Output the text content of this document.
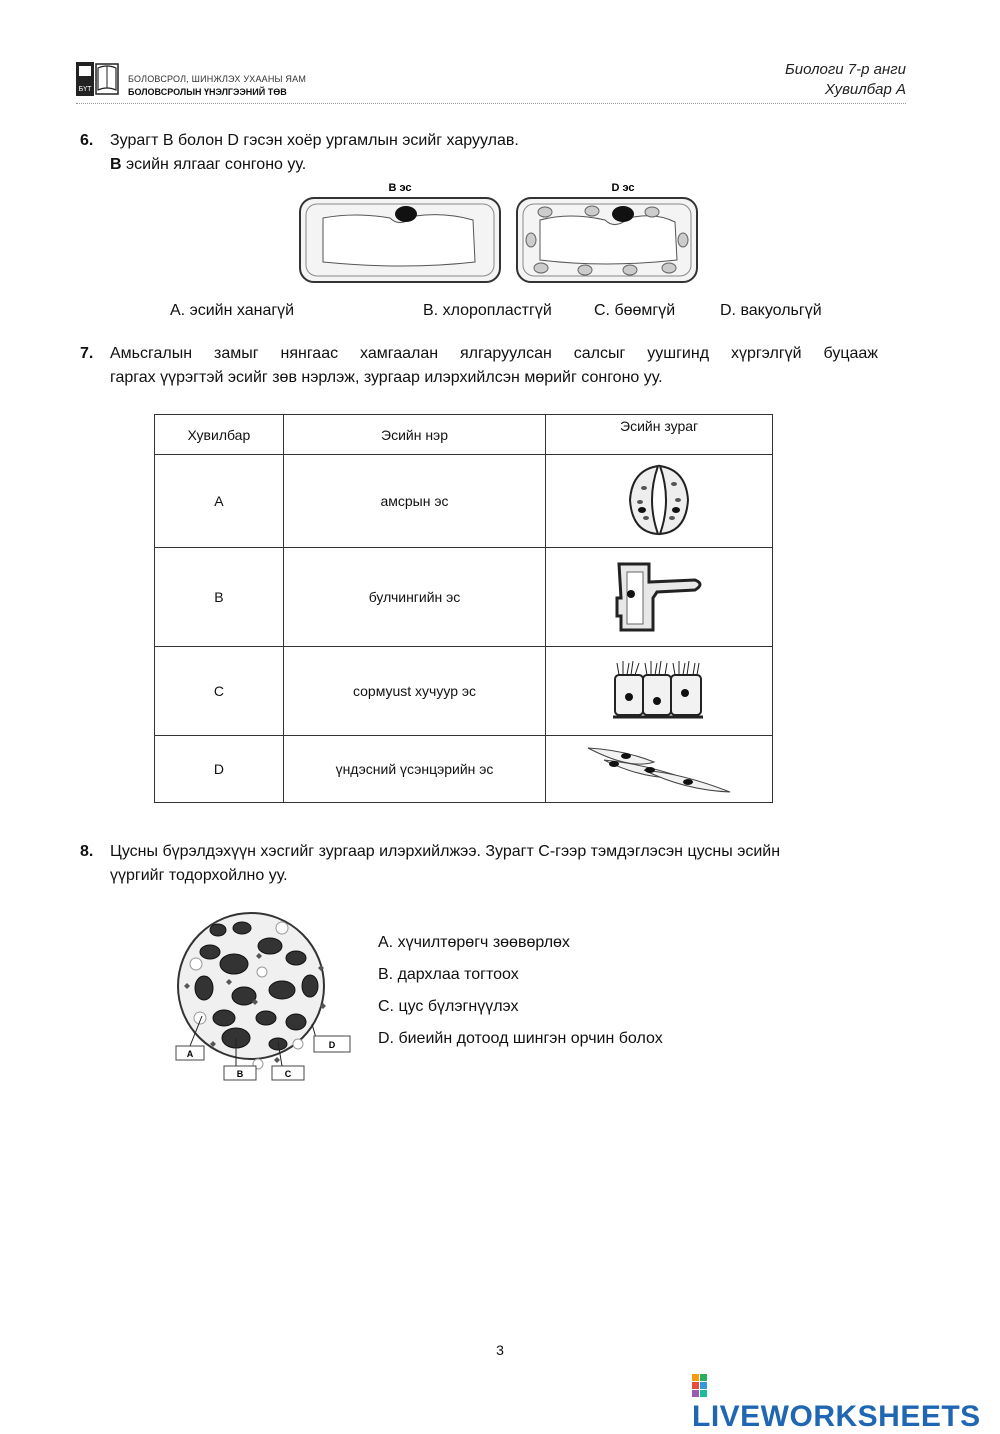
БҮТ
БОЛОВСРОЛ, ШИНЖЛЭХ УХААНЫ ЯАМ
БОЛОВСРОЛЫН ҮНЭЛГЭЭНИЙ ТӨВ
Биологи 7-р анги
Хувилбар А
6. Зурагт B болон D гэсэн хоёр ургамлын эсийг харуулав.
B эсийн ялгааг сонгоно уу.
B эс	D эс
A. эсийн ханагүй	B. хлоропластгүй	C. бөөмгүй	D. вакуольгүй
7. Амьсгалын замыг нянгаас хамгаалан ялгаруулсан салсыг уушгинд хүргэлгүй буцааж
гаргах үүрэгтэй эсийг зөв нэрлэж, зургаар илэрхийлсэн мөрийг сонгоно уу.
Хувилбар	Эсийн нэр	Эсийн зураг
A	амсрын эс	
B	булчингийн эс	
C	сормуust хучуур эс	
D	үндэсний үсэнцэрийн эс	
8. Цусны бүрэлдэхүүн хэсгийг зургаар илэрхийлжээ. Зурагт C-гээр тэмдэглэсэн цусны эсийн
үүргийг тодорхойлно уу.
A
B	C
D
A. хүчилтөрөгч зөөвөрлөх
B. дархлаа тогтоох
C. цус бүлэгнүүлэх
D. биеийн дотоод шингэн орчин болох
3
LIVEWORKSHEETS
